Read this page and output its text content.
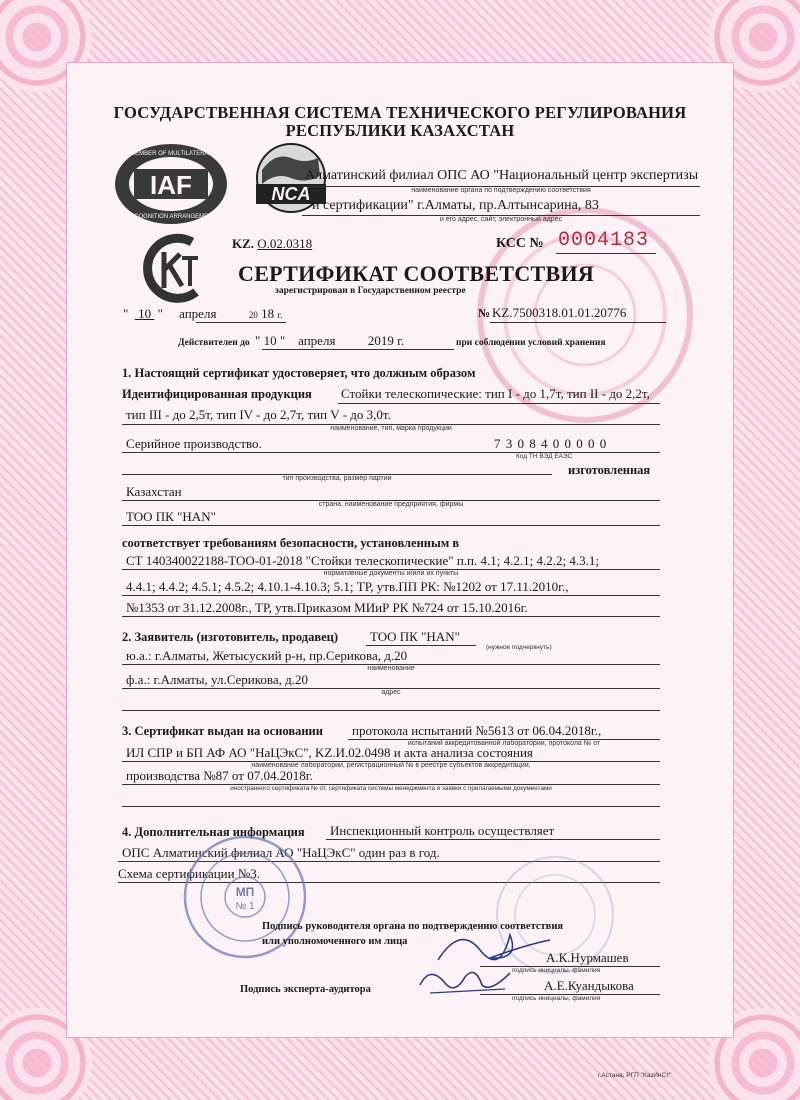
ГОСУДАРСТВЕННАЯ СИСТЕМА ТЕХНИЧЕСКОГО РЕГУЛИРОВАНИЯ
РЕСПУБЛИКИ КАЗАХСТАН
IAF
MEMBER OF MULTILATERAL
RECOGNITION ARRANGEMENT
NCA
Алматинский филиал ОПС АО "Национальный центр экспертизы
наименование органа по подтверждению соответствия
и сертификации" г.Алматы, пр.Алтынсарина, 83
и его адрес, сайт, электронный адрес
KZ. О.02.0318	КСС № 0004183
СЕРТИФИКАТ СООТВЕТСТВИЯ
зарегистрирован в Государственном реестре
" 10 " апреля	20 18 г.	№ KZ.7500318.01.01.20776
Действителен до " 10 " апреля	2019 г.	при соблюдении условий хранения
1. Настоящий сертификат удостоверяет, что должным образом
Идентифицированная продукция Стойки телескопические: тип I - до 1,7т, тип II - до 2,2т,
тип III - до 2,5т, тип IV - до 2,7т, тип V - до 3,0т.
наименование, тип, марка продукции
Серийное производство.	7 3 0 8 4 0 0 0 0 0
Код ТН ВЭД ЕАЭС
изготовленная
тип производства, размер партии
Казахстан
страна, наименование предприятия, фирмы
ТОО ПК "HAN"
соответствует требованиям безопасности, установленным в
СТ 140340022188-ТОО-01-2018 "Стойки телескопические" п.п. 4.1; 4.2.1; 4.2.2; 4.3.1;
нормативные документы и/или их пункты
4.4.1; 4.4.2; 4.5.1; 4.5.2; 4.10.1-4.10.3; 5.1; ТР, утв.ПП РК: №1202 от 17.11.2010г.,
№1353 от 31.12.2008г., ТР, утв.Приказом МИиР РК №724 от 15.10.2016г.
2. Заявитель (изготовитель, продавец) ТОО ПК "HAN"
(нужное подчеркнуть)
ю.а.: г.Алматы, Жетысуский р-н, пр.Серикова, д.20
наименование
ф.а.: г.Алматы, ул.Серикова, д.20
адрес
3. Сертификат выдан на основании протокола испытаний №5613 от 06.04.2018г.,
испытаний аккредитованной лаборатории, протокола № от
ИЛ СПР и БП АФ АО "НаЦЭкС", KZ.И.02.0498 и акта анализа состояния
наименование лаборатории, регистрационный № в реестре субъектов аккредитации,
производства №87 от 07.04.2018г.
иностранного сертификата № от, сертификата системы менеджмента и заявки с прилагаемыми документами
4. Дополнительная информация Инспекционный контроль осуществляет
ОПС Алматинский филиал АО "НаЦЭкС" один раз в год.
Схема сертификации №3.
МП
№ 1
Подпись руководителя органа по подтверждению соответствия
или уполномоченного им лица
А.К.Нурмашев
подпись инициалы, фамилия
Подпись эксперта-аудитора	А.Е.Куандыкова
подпись инициалы, фамилия
г.Астана, РГП "КазИнСт"
